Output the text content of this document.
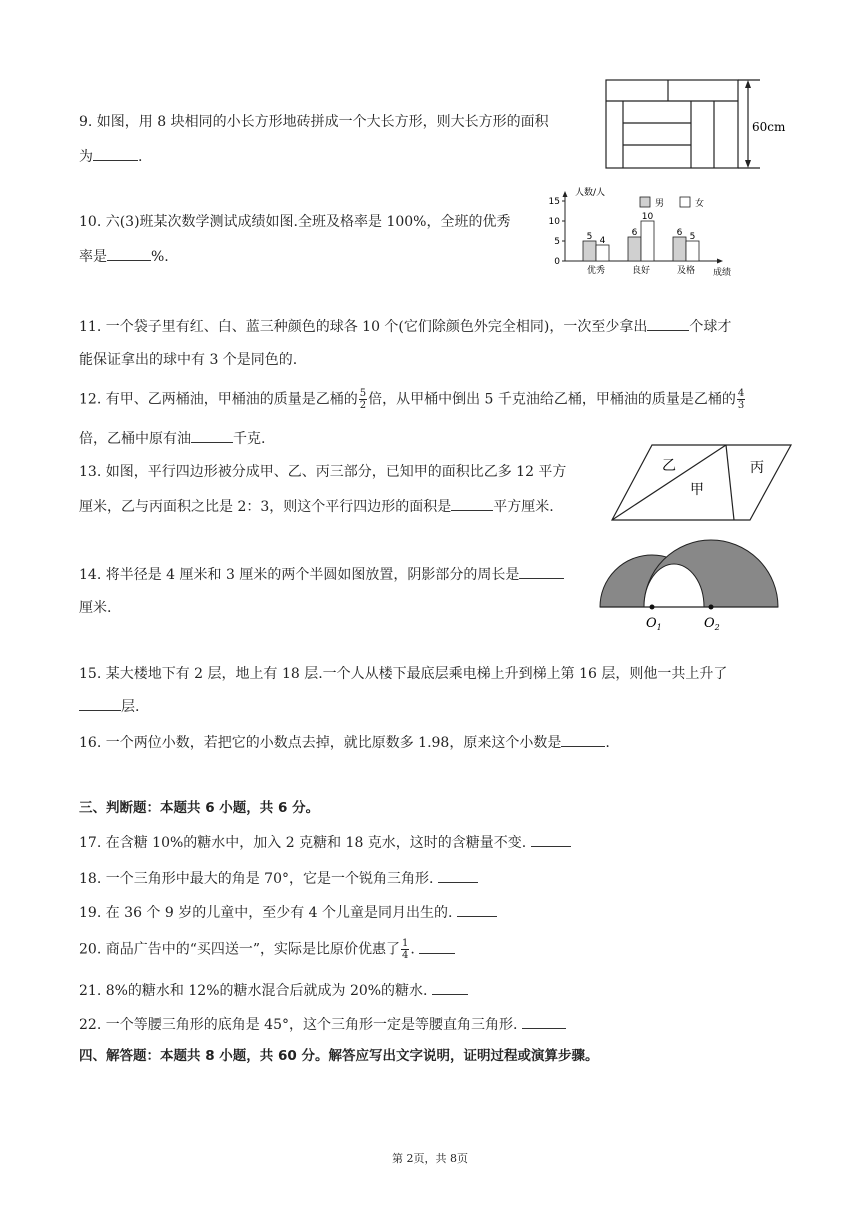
9. 如图，用 8 块相同的小长方形地砖拼成一个大长方形，则大长方形的面积
为	.
60cm
10. 六(3)班某次数学测试成绩如图.全班及格率是 100%，全班的优秀
率是	%.
人数/人
成绩
男	女
0
5
10
15
5 4
优秀
6
10
良好
6 5
及格
11. 一个袋子里有红、白、蓝三种颜色的球各 10 个(它们除颜色外完全相同)，一次至少拿出	个球才
能保证拿出的球中有 3 个是同色的.
12. 有甲、乙两桶油，甲桶油的质量是乙桶的 $\frac{5}{2}$ 倍，从甲桶中倒出 5 千克油给乙桶，甲桶油的质量是乙桶的 $\frac{4}{3}$
倍，乙桶中原有油	千克.
13. 如图，平行四边形被分成甲、乙、丙三部分，已知甲的面积比乙多 12 平方
厘米，乙与丙面积之比是 2：3，则这个平行四边形的面积是	平方厘米.
乙
甲
丙
14. 将半径是 4 厘米和 3 厘米的两个半圆如图放置，阴影部分的周长是
厘米.
$O_1$	$O_2$
15. 某大楼地下有 2 层，地上有 18 层.一个人从楼下最底层乘电梯上升到梯上第 16 层，则他一共上升了
层.
16. 一个两位小数，若把它的小数点去掉，就比原数多 1.98，原来这个小数是	.
三、判断题：本题共 6 小题，共 6 分。
17. 在含糖 10%的糖水中，加入 2 克糖和 18 克水，这时的含糖量不变.
18. 一个三角形中最大的角是 70°，它是一个锐角三角形.
19. 在 36 个 9 岁的儿童中，至少有 4 个儿童是同月出生的.
20. 商品广告中的“买四送一”，实际是比原价优惠了 $\frac{1}{4}$ .
21. 8%的糖水和 12%的糖水混合后就成为 20%的糖水.
22. 一个等腰三角形的底角是 45°，这个三角形一定是等腰直角三角形.
四、解答题：本题共 8 小题，共 60 分。解答应写出文字说明，证明过程或演算步骤。
第 2页，共 8页
